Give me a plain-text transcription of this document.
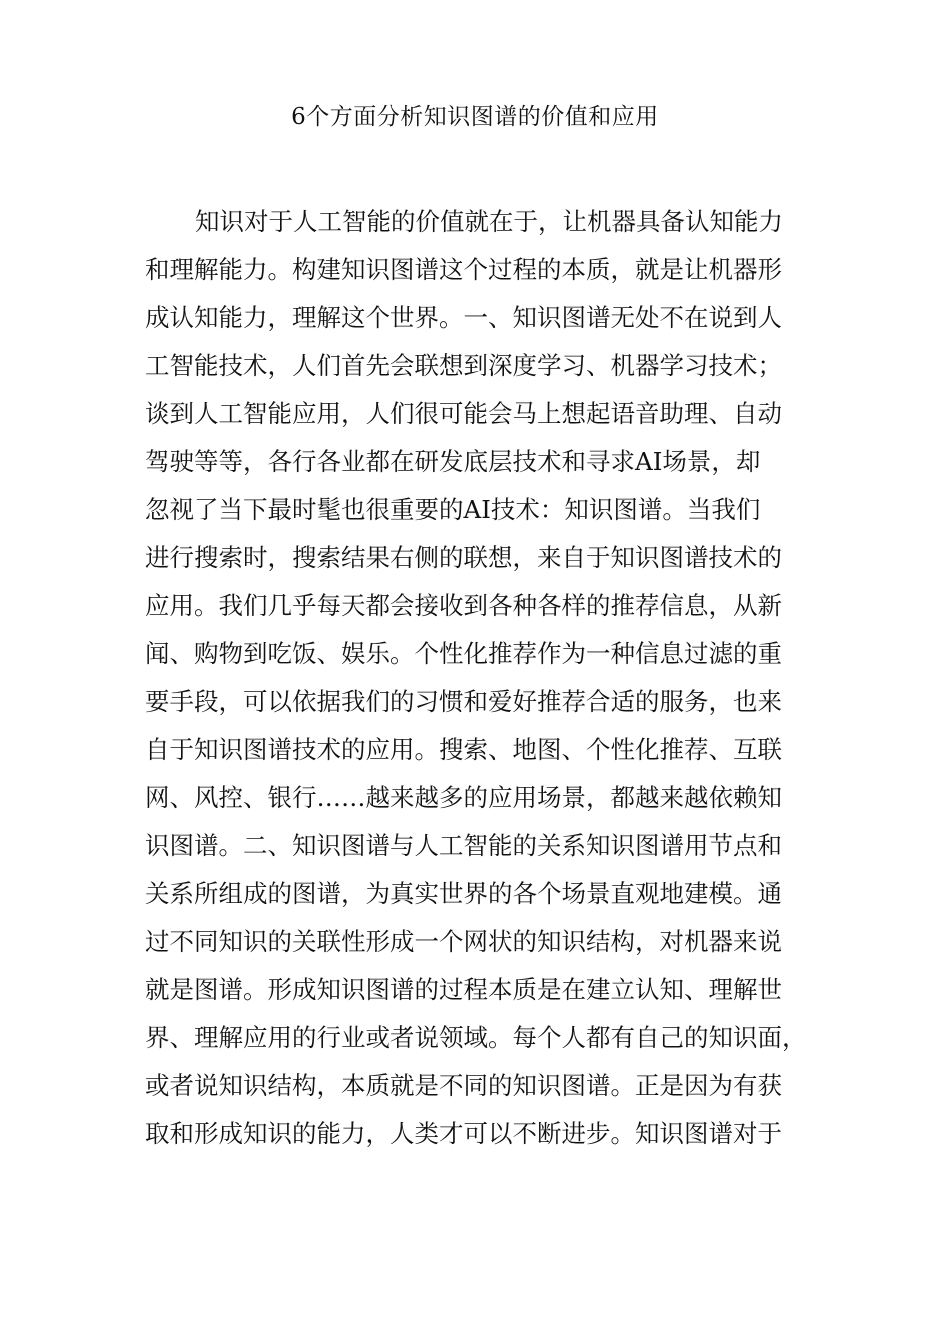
6个方面分析知识图谱的价值和应用
知识对于人工智能的价值就在于，让机器具备认知能力
和理解能力。构建知识图谱这个过程的本质，就是让机器形
成认知能力，理解这个世界。一、知识图谱无处不在说到人
工智能技术，人们首先会联想到深度学习、机器学习技术；
谈到人工智能应用，人们很可能会马上想起语音助理、自动
驾驶等等，各行各业都在研发底层技术和寻求AI场景，却
忽视了当下最时髦也很重要的AI技术：知识图谱。当我们
进行搜索时，搜索结果右侧的联想，来自于知识图谱技术的
应用。我们几乎每天都会接收到各种各样的推荐信息，从新
闻、购物到吃饭、娱乐。个性化推荐作为一种信息过滤的重
要手段，可以依据我们的习惯和爱好推荐合适的服务，也来
自于知识图谱技术的应用。搜索、地图、个性化推荐、互联
网、风控、银行……越来越多的应用场景，都越来越依赖知
识图谱。二、知识图谱与人工智能的关系知识图谱用节点和
关系所组成的图谱，为真实世界的各个场景直观地建模。通
过不同知识的关联性形成一个网状的知识结构，对机器来说
就是图谱。形成知识图谱的过程本质是在建立认知、理解世
界、理解应用的行业或者说领域。每个人都有自己的知识面，
或者说知识结构，本质就是不同的知识图谱。正是因为有获
取和形成知识的能力，人类才可以不断进步。知识图谱对于
